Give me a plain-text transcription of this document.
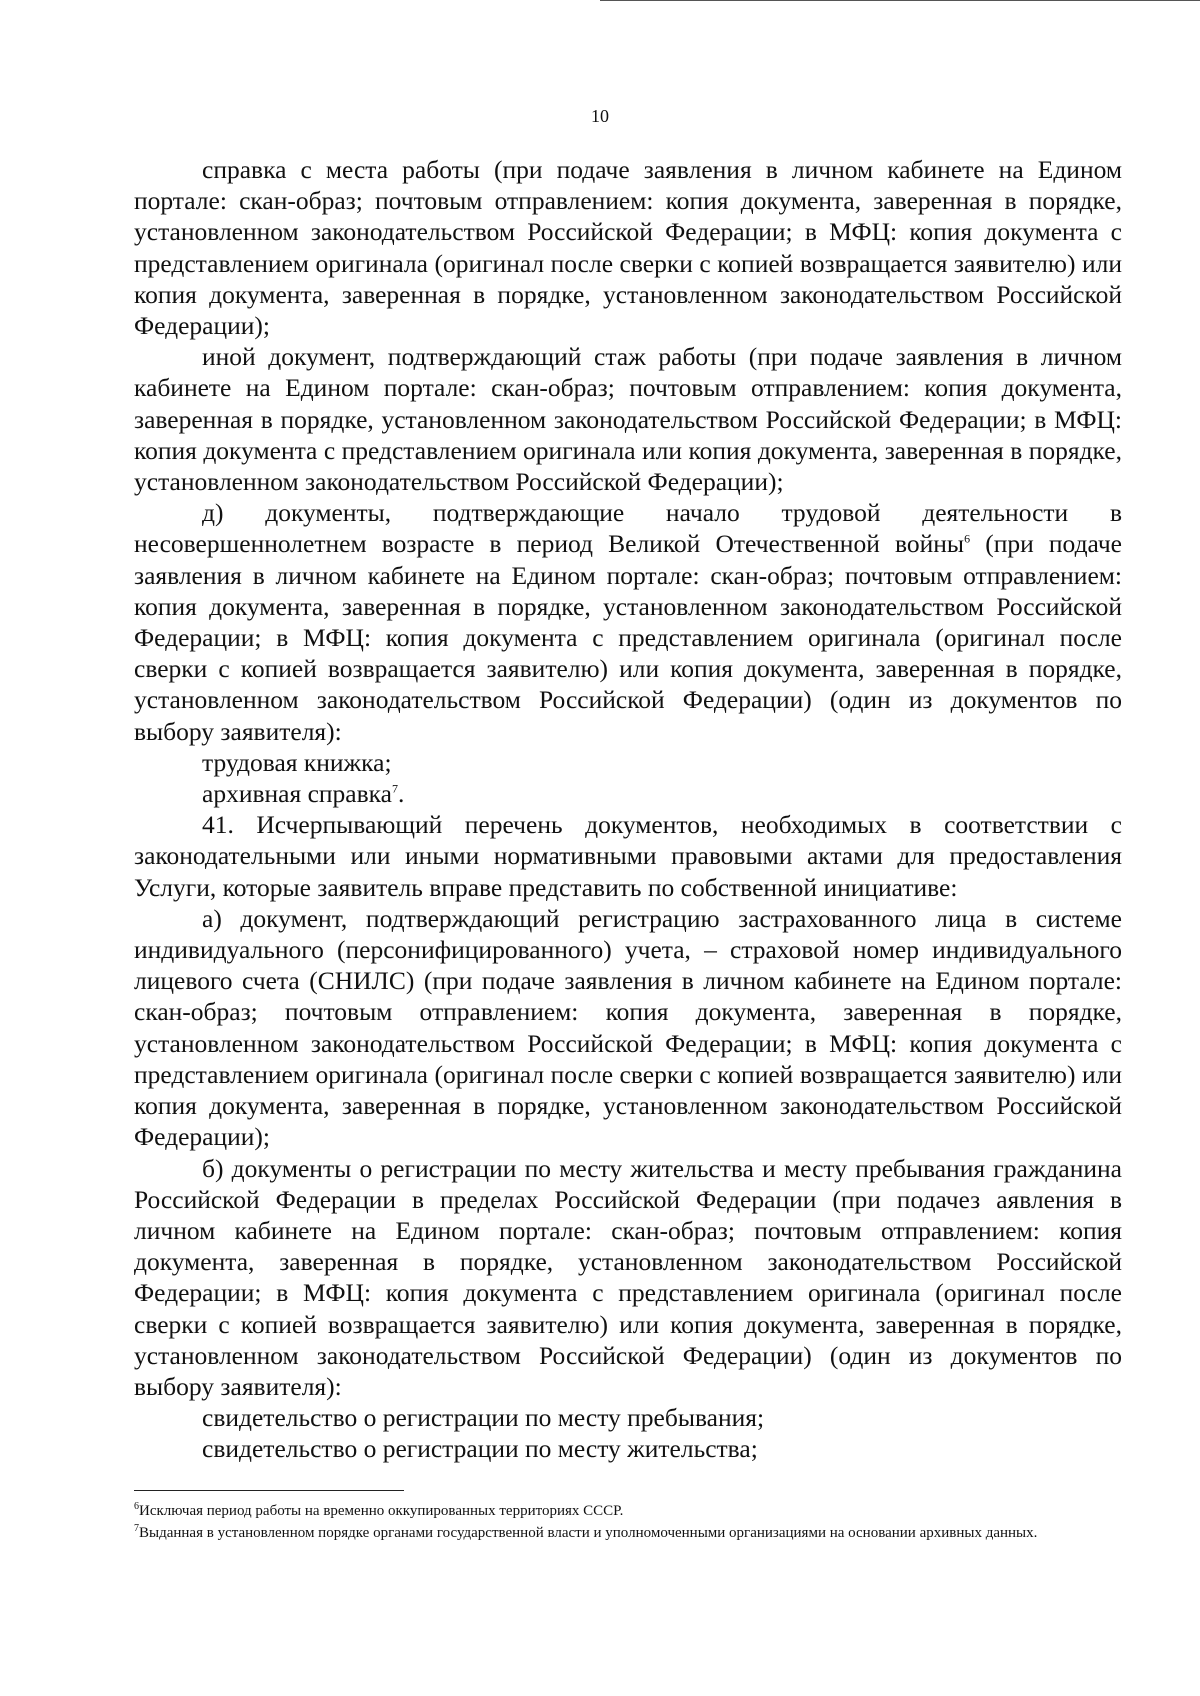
10

справка с места работы (при подаче заявления в личном кабинете на Едином портале: скан-образ; почтовым отправлением: копия документа, заверенная в порядке, установленном законодательством Российской Федерации; в МФЦ: копия документа с представлением оригинала (оригинал после сверки с копией возвращается заявителю) или копия документа, заверенная в порядке, установленном законодательством Российской Федерации);

иной документ, подтверждающий стаж работы (при подаче заявления в личном кабинете на Едином портале: скан-образ; почтовым отправлением: копия документа, заверенная в порядке, установленном законодательством Российской Федерации; в МФЦ: копия документа с представлением оригинала или копия документа, заверенная в порядке, установленном законодательством Российской Федерации);

д) документы, подтверждающие начало трудовой деятельности в несовершеннолетнем возрасте в период Великой Отечественной войны$^6$ (при подаче заявления в личном кабинете на Едином портале: скан-образ; почтовым отправлением: копия документа, заверенная в порядке, установленном законодательством Российской Федерации; в МФЦ: копия документа с представлением оригинала (оригинал после сверки с копией возвращается заявителю) или копия документа, заверенная в порядке, установленном законодательством Российской Федерации) (один из документов по выбору заявителя):

трудовая книжка;

архивная справка$^7$.

41. Исчерпывающий перечень документов, необходимых в соответствии с законодательными или иными нормативными правовыми актами для предоставления Услуги, которые заявитель вправе представить по собственной инициативе:

а) документ, подтверждающий регистрацию застрахованного лица в системе индивидуального (персонифицированного) учета, – страховой номер индивидуального лицевого счета (СНИЛС) (при подаче заявления в личном кабинете на Едином портале: скан-образ; почтовым отправлением: копия документа, заверенная в порядке, установленном законодательством Российской Федерации; в МФЦ: копия документа с представлением оригинала (оригинал после сверки с копией возвращается заявителю) или копия документа, заверенная в порядке, установленном законодательством Российской Федерации);

б) документы о регистрации по месту жительства и месту пребывания гражданина Российской Федерации в пределах Российской Федерации (при подачез аявления в личном кабинете на Едином портале: скан-образ; почтовым отправлением: копия документа, заверенная в порядке, установленном законодательством Российской Федерации; в МФЦ: копия документа с представлением оригинала (оригинал после сверки с копией возвращается заявителю) или копия документа, заверенная в порядке, установленном законодательством Российской Федерации) (один из документов по выбору заявителя):

свидетельство о регистрации по месту пребывания;

свидетельство о регистрации по месту жительства;

$^6$Исключая период работы на временно оккупированных территориях СССР.

$^7$Выданная в установленном порядке органами государственной власти и уполномоченными организациями на основании архивных данных.
